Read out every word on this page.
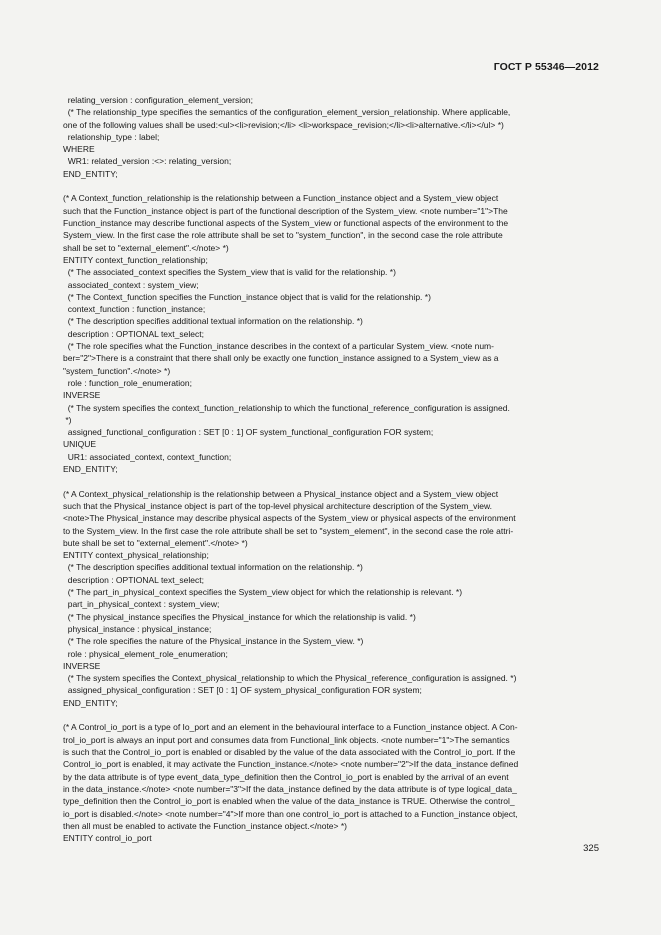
ГОСТ Р 55346—2012
relating_version : configuration_element_version;
(* The relationship_type specifies the semantics of the configuration_element_version_relationship. Where applicable,
one of the following values shall be used:<ul><li>revision;</li> <li>workspace_revision;</li><li>alternative.</li></ul> *)
relationship_type : label;
WHERE
WR1: related_version :<>: relating_version;
END_ENTITY;
(* A Context_function_relationship is the relationship between a Function_instance object and a System_view object
such that the Function_instance object is part of the functional description of the System_view. <note number="1">The
Function_instance may describe functional aspects of the System_view or functional aspects of the environment to the
System_view. In the first case the role attribute shall be set to "system_function", in the second case the role attribute
shall be set to "external_element".</note> *)
ENTITY context_function_relationship;
(* The associated_context specifies the System_view that is valid for the relationship. *)
associated_context : system_view;
(* The Context_function specifies the Function_instance object that is valid for the relationship. *)
context_function : function_instance;
(* The description specifies additional textual information on the relationship. *)
description : OPTIONAL text_select;
(* The role specifies what the Function_instance describes in the context of a particular System_view. <note num-
ber="2">There is a constraint that there shall only be exactly one function_instance assigned to a System_view as a
"system_function".</note> *)
role : function_role_enumeration;
INVERSE
(* The system specifies the context_function_relationship to which the functional_reference_configuration is assigned.
*)
assigned_functional_configuration : SET [0 : 1] OF system_functional_configuration FOR system;
UNIQUE
UR1: associated_context, context_function;
END_ENTITY;
(* A Context_physical_relationship is the relationship between a Physical_instance object and a System_view object
such that the Physical_instance object is part of the top-level physical architecture description of the System_view.
<note>The Physical_instance may describe physical aspects of the System_view or physical aspects of the environment
to the System_view. In the first case the role attribute shall be set to "system_element", in the second case the role attri-
bute shall be set to "external_element".</note> *)
ENTITY context_physical_relationship;
(* The description specifies additional textual information on the relationship. *)
description : OPTIONAL text_select;
(* The part_in_physical_context specifies the System_view object for which the relationship is relevant. *)
part_in_physical_context : system_view;
(* The physical_instance specifies the Physical_instance for which the relationship is valid. *)
physical_instance : physical_instance;
(* The role specifies the nature of the Physical_instance in the System_view. *)
role : physical_element_role_enumeration;
INVERSE
(* The system specifies the Context_physical_relationship to which the Physical_reference_configuration is assigned. *)
assigned_physical_configuration : SET [0 : 1] OF system_physical_configuration FOR system;
END_ENTITY;
(* A Control_io_port is a type of Io_port and an element in the behavioural interface to a Function_instance object. A Con-
trol_io_port is always an input port and consumes data from Functional_link objects. <note number="1">The semantics
is such that the Control_io_port is enabled or disabled by the value of the data associated with the Control_io_port. If the
Control_io_port is enabled, it may activate the Function_instance.</note> <note number="2">If the data_instance defined
by the data attribute is of type event_data_type_definition then the Control_io_port is enabled by the arrival of an event
in the data_instance.</note> <note number="3">If the data_instance defined by the data attribute is of type logical_data_
type_definition then the Control_io_port is enabled when the value of the data_instance is TRUE. Otherwise the control_
io_port is disabled.</note> <note number="4">If more than one control_io_port is attached to a Function_instance object,
then all must be enabled to activate the Function_instance object.</note> *)
ENTITY control_io_port
325
